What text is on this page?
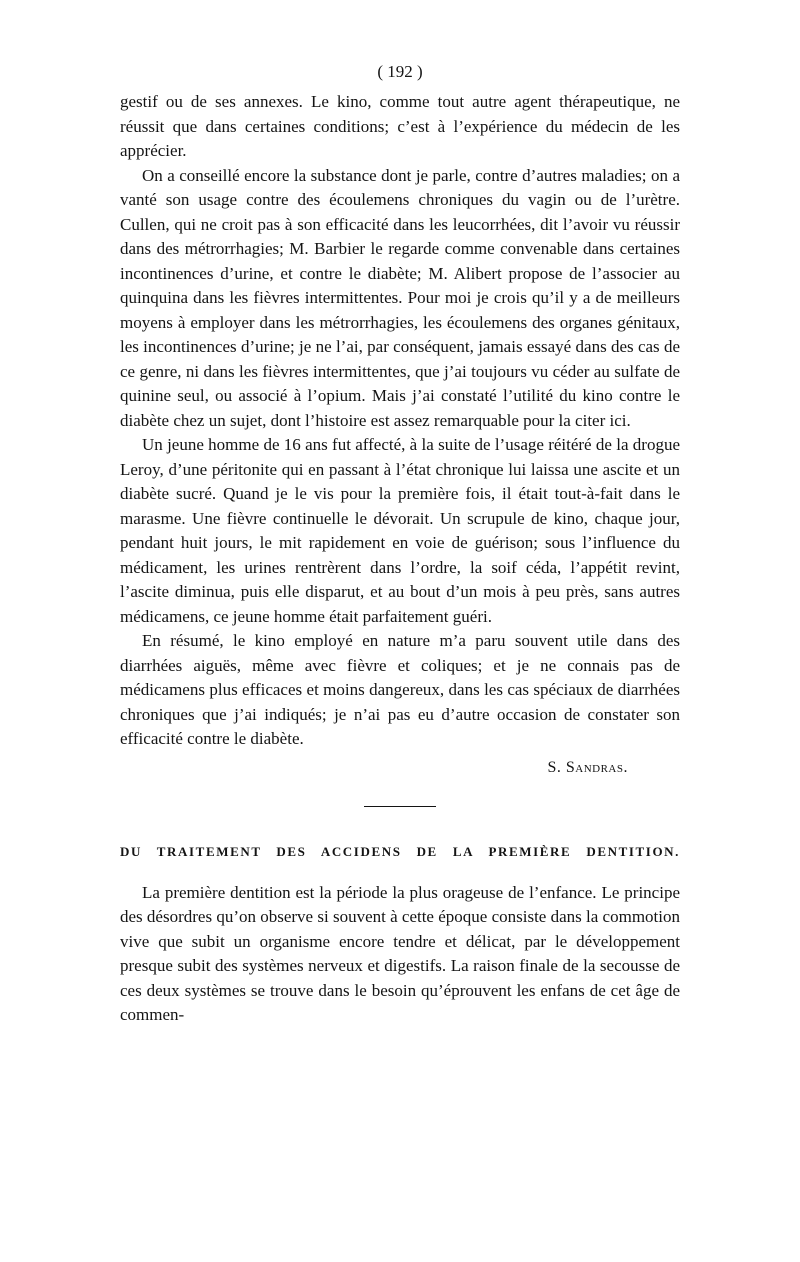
( 192 )

gestif ou de ses annexes. Le kino, comme tout autre agent thérapeutique, ne réussit que dans certaines conditions; c’est à l’expérience du médecin de les apprécier.

On a conseillé encore la substance dont je parle, contre d’autres maladies; on a vanté son usage contre des écoulemens chroniques du vagin ou de l’urètre. Cullen, qui ne croit pas à son efficacité dans les leucorrhées, dit l’avoir vu réussir dans des métrorrhagies; M. Barbier le regarde comme convenable dans certaines incontinences d’urine, et contre le diabète; M. Alibert propose de l’associer au quinquina dans les fièvres intermittentes. Pour moi je crois qu’il y a de meilleurs moyens à employer dans les métrorrhagies, les écoulemens des organes génitaux, les incontinences d’urine; je ne l’ai, par conséquent, jamais essayé dans des cas de ce genre, ni dans les fièvres intermittentes, que j’ai toujours vu céder au sulfate de quinine seul, ou associé à l’opium. Mais j’ai constaté l’utilité du kino contre le diabète chez un sujet, dont l’histoire est assez remarquable pour la citer ici.

Un jeune homme de 16 ans fut affecté, à la suite de l’usage réitéré de la drogue Leroy, d’une péritonite qui en passant à l’état chronique lui laissa une ascite et un diabète sucré. Quand je le vis pour la première fois, il était tout-à-fait dans le marasme. Une fièvre continuelle le dévorait. Un scrupule de kino, chaque jour, pendant huit jours, le mit rapidement en voie de guérison; sous l’influence du médicament, les urines rentrèrent dans l’ordre, la soif céda, l’appétit revint, l’ascite diminua, puis elle disparut, et au bout d’un mois à peu près, sans autres médicamens, ce jeune homme était parfaitement guéri.

En résumé, le kino employé en nature m’a paru souvent utile dans des diarrhées aiguës, même avec fièvre et coliques; et je ne connais pas de médicamens plus efficaces et moins dangereux, dans les cas spéciaux de diarrhées chroniques que j’ai indiqués; je n’ai pas eu d’autre occasion de constater son efficacité contre le diabète.

S. Sandras.
DU TRAITEMENT DES ACCIDENS DE LA PREMIÈRE DENTITION.

La première dentition est la période la plus orageuse de l’enfance. Le principe des désordres qu’on observe si souvent à cette époque consiste dans la commotion vive que subit un organisme encore tendre et délicat, par le développement presque subit des systèmes nerveux et digestifs. La raison finale de la secousse de ces deux systèmes se trouve dans le besoin qu’éprouvent les enfans de cet âge de commen-
